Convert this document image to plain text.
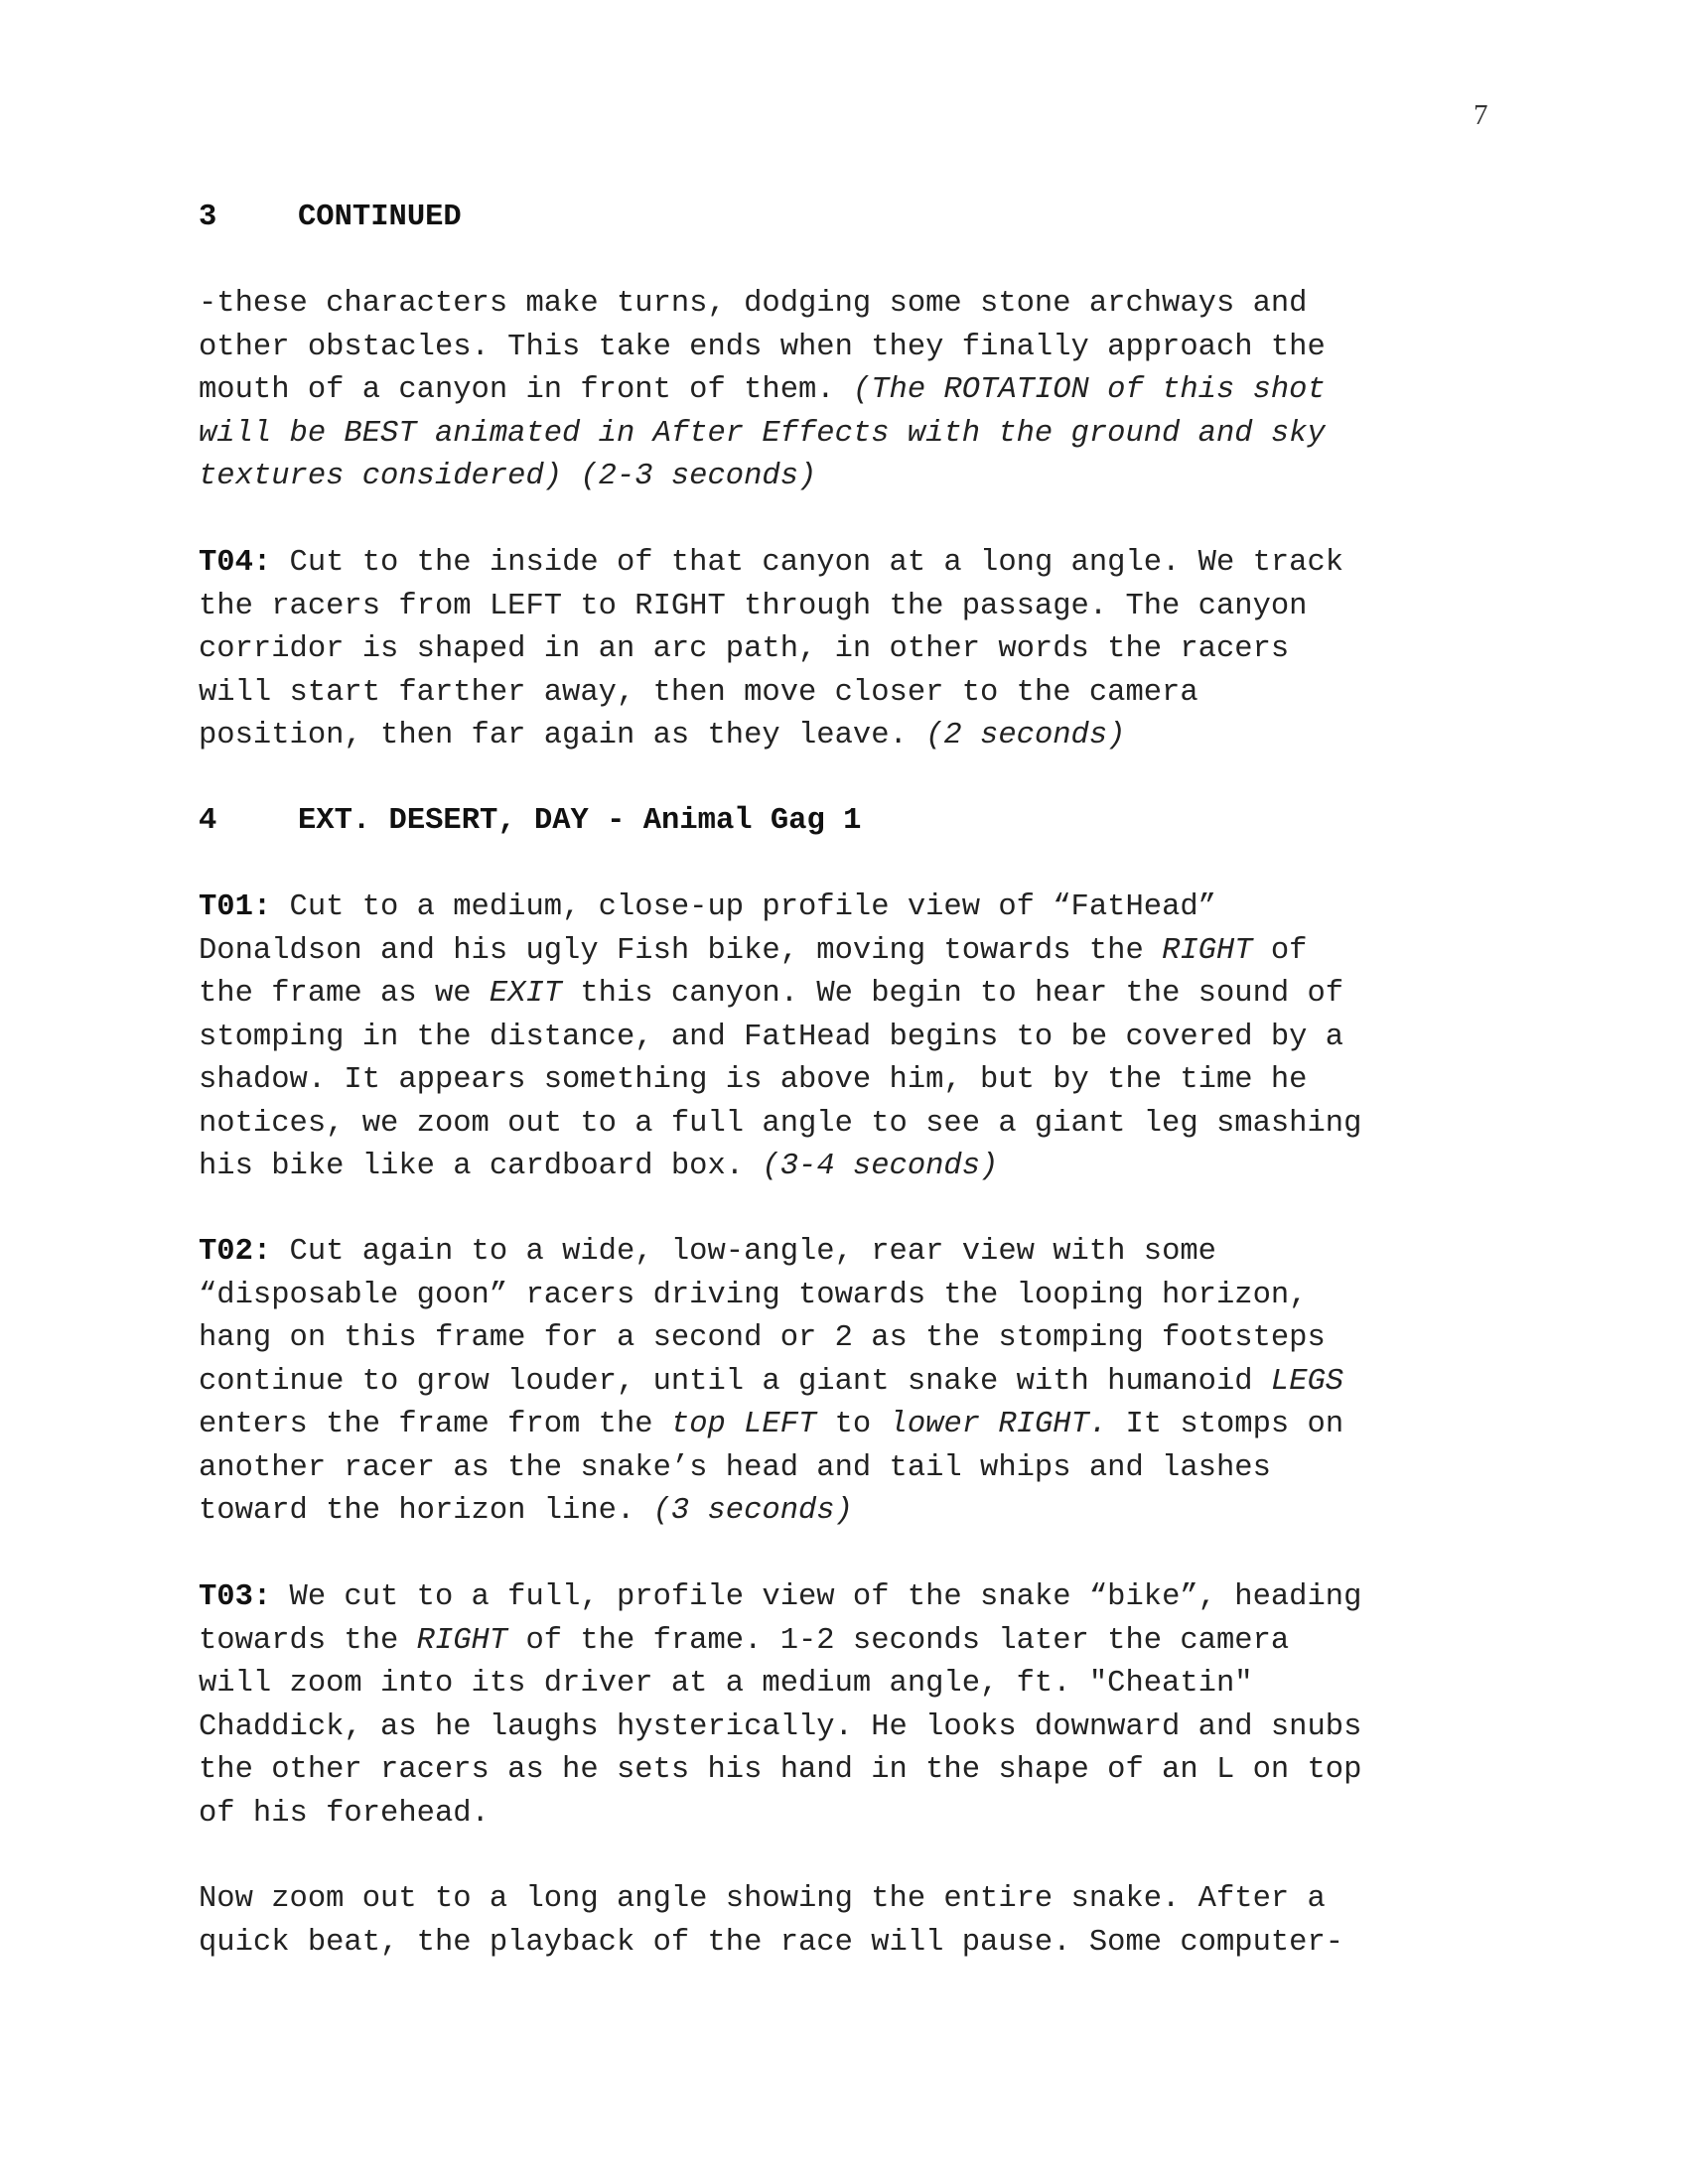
7
3	CONTINUED
-these characters make turns, dodging some stone archways and
other obstacles. This take ends when they finally approach the
mouth of a canyon in front of them. (The ROTATION of this shot
will be BEST animated in After Effects with the ground and sky
textures considered) (2-3 seconds)
T04: Cut to the inside of that canyon at a long angle. We track
the racers from LEFT to RIGHT through the passage. The canyon
corridor is shaped in an arc path, in other words the racers
will start farther away, then move closer to the camera
position, then far again as they leave. (2 seconds)
4	EXT. DESERT, DAY - Animal Gag 1
T01: Cut to a medium, close-up profile view of “FatHead”
Donaldson and his ugly Fish bike, moving towards the RIGHT of
the frame as we EXIT this canyon. We begin to hear the sound of
stomping in the distance, and FatHead begins to be covered by a
shadow. It appears something is above him, but by the time he
notices, we zoom out to a full angle to see a giant leg smashing
his bike like a cardboard box. (3-4 seconds)
T02: Cut again to a wide, low-angle, rear view with some
“disposable goon” racers driving towards the looping horizon,
hang on this frame for a second or 2 as the stomping footsteps
continue to grow louder, until a giant snake with humanoid LEGS
enters the frame from the top LEFT to lower RIGHT. It stomps on
another racer as the snake’s head and tail whips and lashes
toward the horizon line. (3 seconds)
T03: We cut to a full, profile view of the snake “bike”, heading
towards the RIGHT of the frame. 1-2 seconds later the camera
will zoom into its driver at a medium angle, ft. "Cheatin"
Chaddick, as he laughs hysterically. He looks downward and snubs
the other racers as he sets his hand in the shape of an L on top
of his forehead.
Now zoom out to a long angle showing the entire snake. After a
quick beat, the playback of the race will pause. Some computer-
